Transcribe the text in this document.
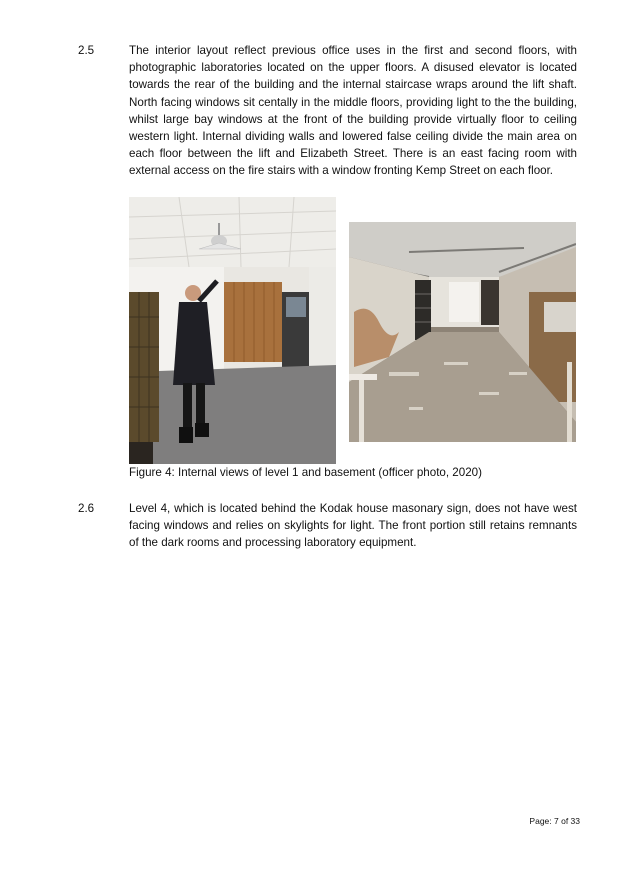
2.5	The interior layout reflect previous office uses in the first and second floors, with photographic laboratories located on the upper floors. A disused elevator is located towards the rear of the building and the internal staircase wraps around the lift shaft. North facing windows sit centally in the middle floors, providing light to the the building, whilst large bay windows at the front of the building provide virtually floor to ceiling western light. Internal dividing walls and lowered false ceiling divide the main area on each floor between the lift and Elizabeth Street. There is an east facing room with external access on the fire stairs with a window fronting Kemp Street on each floor.

Figure 4: Internal views of level 1 and basement (officer photo, 2020)
2.6	Level 4, which is located behind the Kodak house masonary sign, does not have west facing windows and relies on skylights for light. The front portion still retains remnants of the dark rooms and processing laboratory equipment.

Page: 7 of 33
